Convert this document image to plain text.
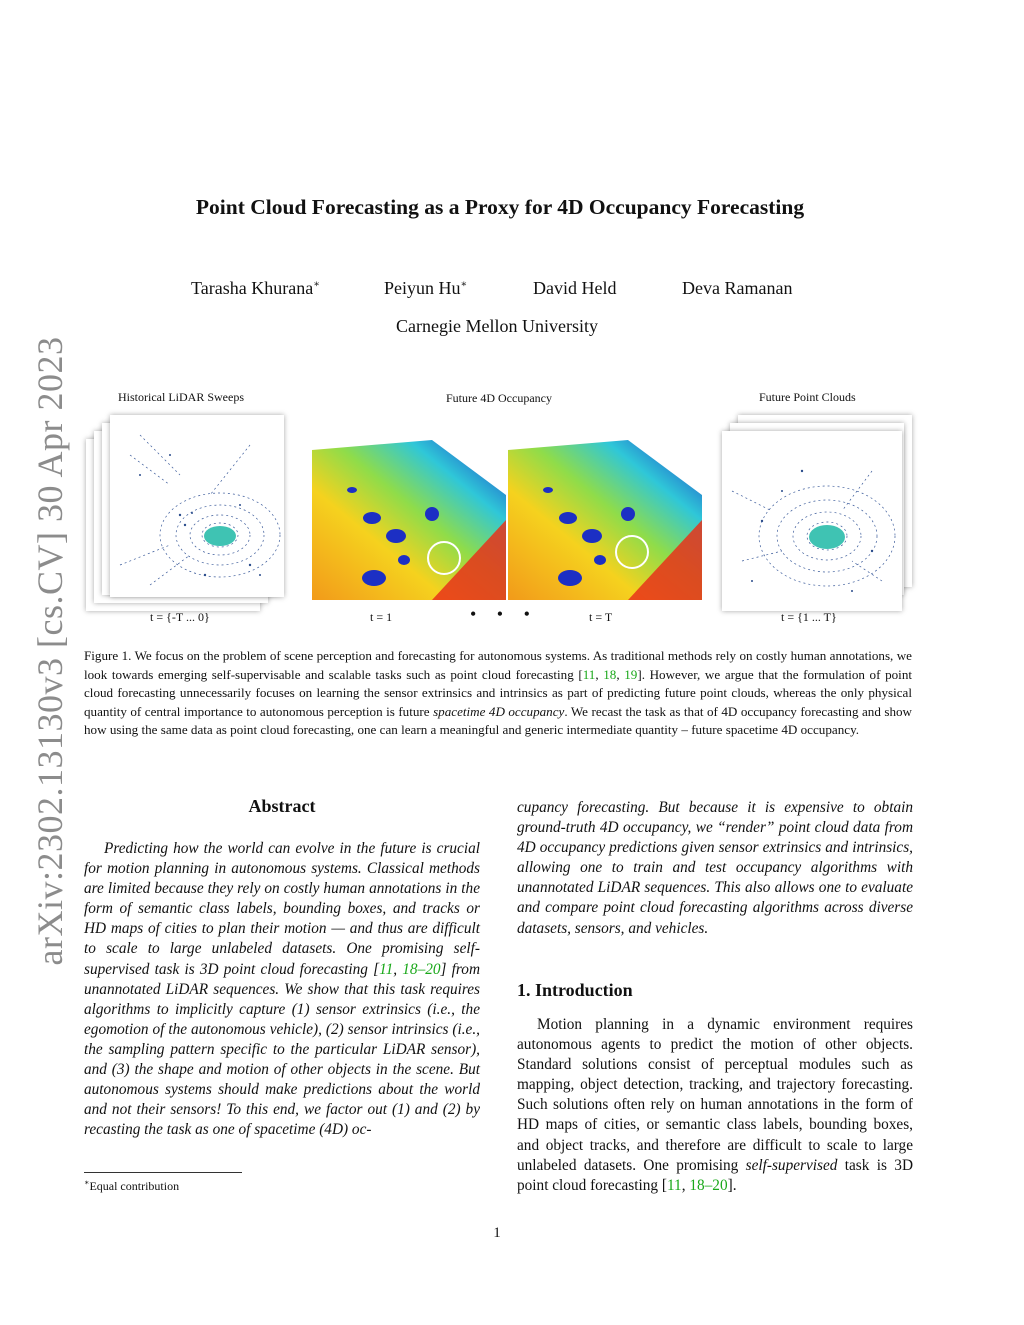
arXiv:2302.13130v3 [cs.CV] 30 Apr 2023
Point Cloud Forecasting as a Proxy for 4D Occupancy Forecasting
Tarasha Khurana∗	Peiyun Hu∗	David Held	Deva Ramanan
Carnegie Mellon University
Historical LiDAR Sweeps	Future 4D Occupancy	Future Point Clouds
t = {-T ... 0}	t = 1	• • •	t = T	t = {1 ... T}
Figure 1. We focus on the problem of scene perception and forecasting for autonomous systems. As traditional methods rely on costly human annotations, we look towards emerging self-supervisable and scalable tasks such as point cloud forecasting [11, 18, 19]. However, we argue that the formulation of point cloud forecasting unnecessarily focuses on learning the sensor extrinsics and intrinsics as part of predicting future point clouds, whereas the only physical quantity of central importance to autonomous perception is future spacetime 4D occupancy. We recast the task as that of 4D occupancy forecasting and show how using the same data as point cloud forecasting, one can learn a meaningful and generic intermediate quantity – future spacetime 4D occupancy.
Abstract
Predicting how the world can evolve in the future is crucial for motion planning in autonomous systems. Classical methods are limited because they rely on costly human annotations in the form of semantic class labels, bounding boxes, and tracks or HD maps of cities to plan their motion — and thus are difficult to scale to large unlabeled datasets. One promising self-supervised task is 3D point cloud forecasting [11, 18–20] from unannotated LiDAR sequences. We show that this task requires algorithms to implicitly capture (1) sensor extrinsics (i.e., the egomotion of the autonomous vehicle), (2) sensor intrinsics (i.e., the sampling pattern specific to the particular LiDAR sensor), and (3) the shape and motion of other objects in the scene. But autonomous systems should make predictions about the world and not their sensors! To this end, we factor out (1) and (2) by recasting the task as one of spacetime (4D) oc-
cupancy forecasting. But because it is expensive to obtain ground-truth 4D occupancy, we “render” point cloud data from 4D occupancy predictions given sensor extrinsics and intrinsics, allowing one to train and test occupancy algorithms with unannotated LiDAR sequences. This also allows one to evaluate and compare point cloud forecasting algorithms across diverse datasets, sensors, and vehicles.
1. Introduction
Motion planning in a dynamic environment requires autonomous agents to predict the motion of other objects. Standard solutions consist of perceptual modules such as mapping, object detection, tracking, and trajectory forecasting. Such solutions often rely on human annotations in the form of HD maps of cities, or semantic class labels, bounding boxes, and object tracks, and therefore are difficult to scale to large unlabeled datasets. One promising self-supervised task is 3D point cloud forecasting [11, 18–20].
∗Equal contribution
1
